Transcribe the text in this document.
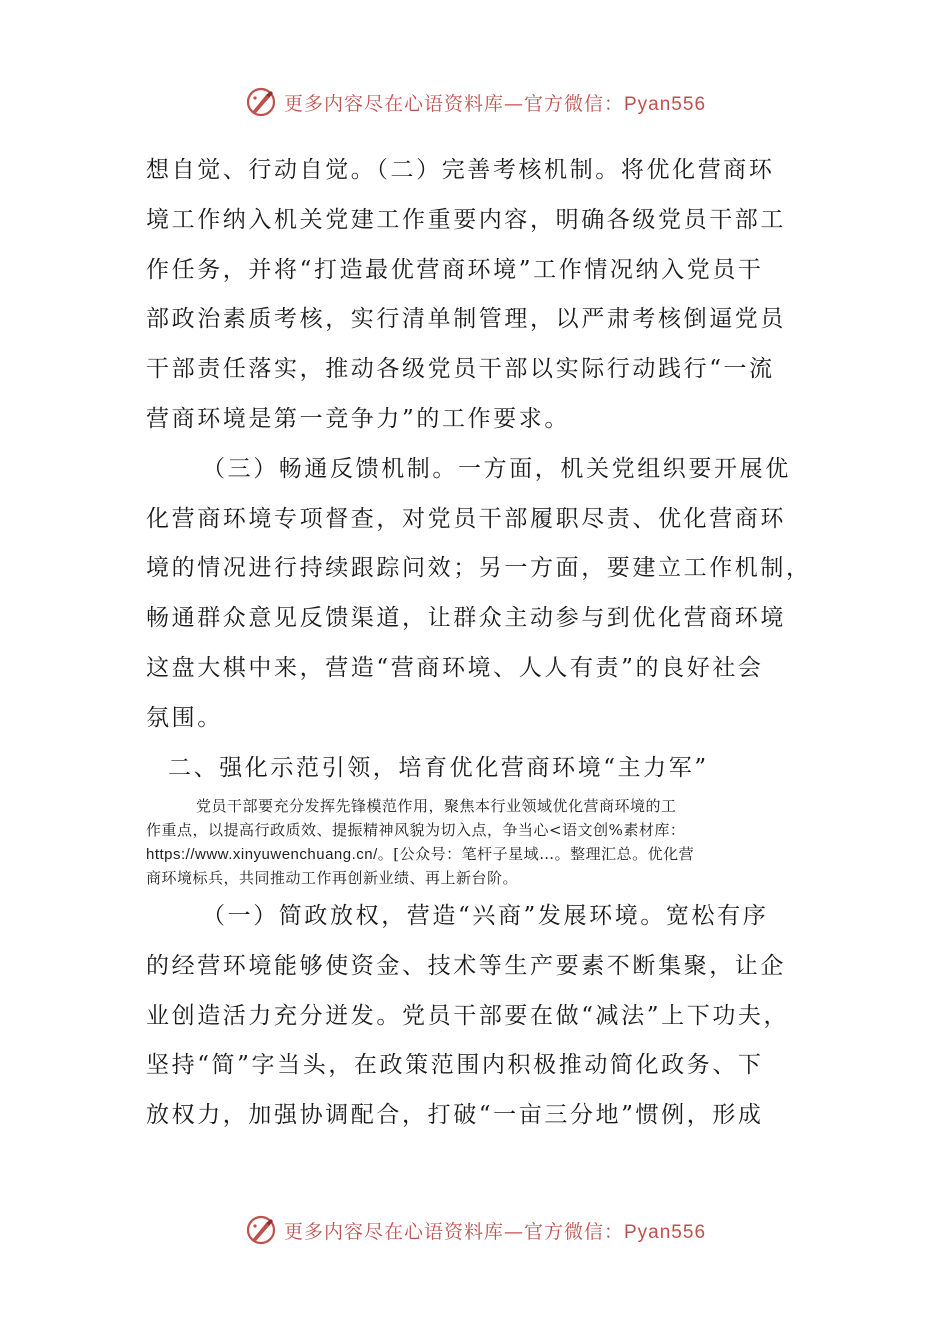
更多内容尽在心语资料库—官方微信：Pyan556
想自觉、行动自觉。（二）完善考核机制。将优化营商环
境工作纳入机关党建工作重要内容，明确各级党员干部工
作任务，并将“打造最优营商环境”工作情况纳入党员干
部政治素质考核，实行清单制管理，以严肃考核倒逼党员
干部责任落实，推动各级党员干部以实际行动践行“一流
营商环境是第一竞争力”的工作要求。
（三）畅通反馈机制。一方面，机关党组织要开展优
化营商环境专项督查，对党员干部履职尽责、优化营商环
境的情况进行持续跟踪问效；另一方面，要建立工作机制，
畅通群众意见反馈渠道，让群众主动参与到优化营商环境
这盘大棋中来，营造“营商环境、人人有责”的良好社会
氛围。
二、强化示范引领，培育优化营商环境“主力军”
党员干部要充分发挥先锋模范作用，聚焦本行业领域优化营商环境的工
作重点，以提高行政质效、提振精神风貌为切入点，争当心<语文创%素材库：
https://www.xinyuwenchuang.cn/。[公众号：笔杆子星域…。整理汇总。优化营
商环境标兵，共同推动工作再创新业绩、再上新台阶。
（一）简政放权，营造“兴商”发展环境。宽松有序
的经营环境能够使资金、技术等生产要素不断集聚，让企
业创造活力充分迸发。党员干部要在做“减法”上下功夫，
坚持“简”字当头，在政策范围内积极推动简化政务、下
放权力，加强协调配合，打破“一亩三分地”惯例，形成
更多内容尽在心语资料库—官方微信：Pyan556
